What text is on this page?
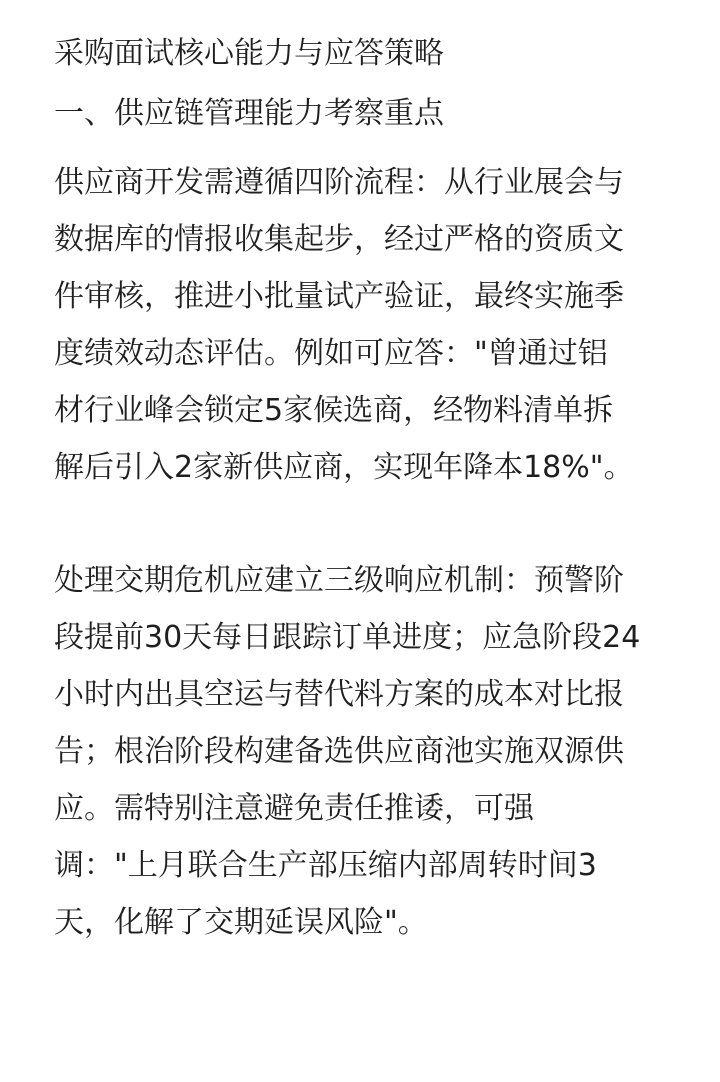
采购面试核心能力与应答策略

一、供应链管理能力考察重点

供应商开发需遵循四阶流程：从行业展会与

数据库的情报收集起步，经过严格的资质文

件审核，推进小批量试产验证，最终实施季

度绩效动态评估。例如可应答："曾通过铝

材行业峰会锁定5家候选商，经物料清单拆

解后引入2家新供应商，实现年降本18%"。

处理交期危机应建立三级响应机制：预警阶

段提前30天每日跟踪订单进度；应急阶段24

小时内出具空运与替代料方案的成本对比报

告；根治阶段构建备选供应商池实施双源供

应。需特别注意避免责任推诿，可强

调："上月联合生产部压缩内部周转时间3

天，化解了交期延误风险"。
